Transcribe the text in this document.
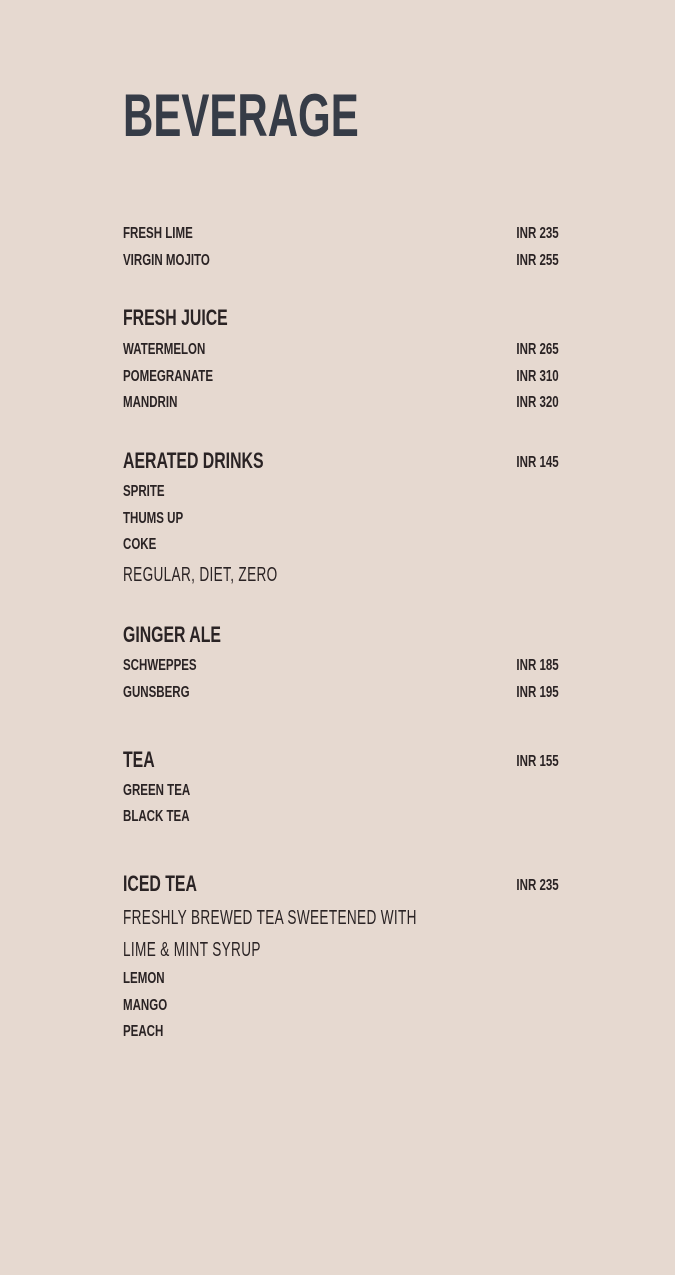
BEVERAGE
FRESH LIME	INR 235
VIRGIN MOJITO	INR 255
FRESH JUICE
WATERMELON	INR 265
POMEGRANATE	INR 310
MANDRIN	INR 320
AERATED DRINKS	INR 145
SPRITE
THUMS UP
COKE
REGULAR, DIET, ZERO
GINGER ALE
SCHWEPPES	INR 185
GUNSBERG	INR 195
TEA	INR 155
GREEN TEA
BLACK TEA
ICED TEA	INR 235
FRESHLY BREWED TEA SWEETENED WITH
LIME & MINT SYRUP
LEMON
MANGO
PEACH
